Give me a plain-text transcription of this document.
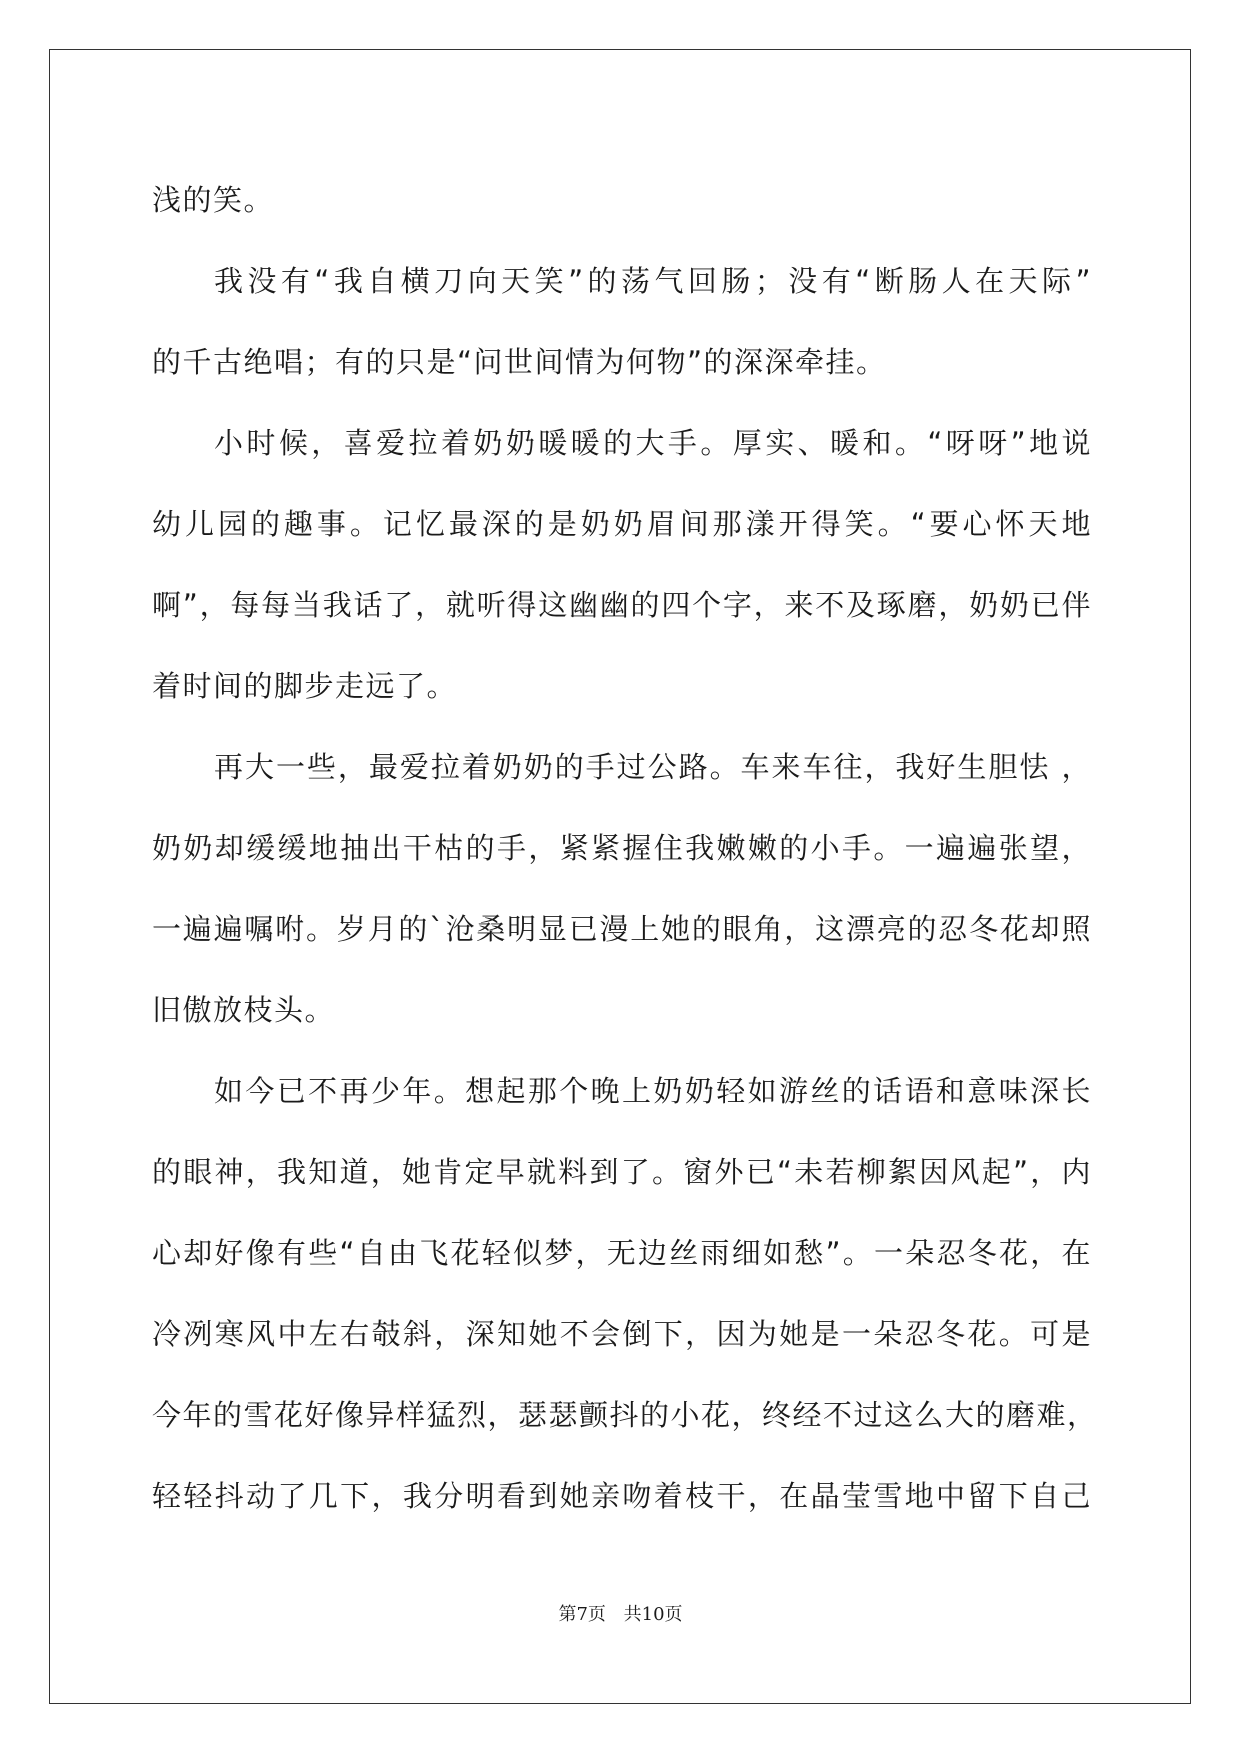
浅的笑。
我没有“我自横刀向天笑”的荡气回肠；没有“断肠人在天际”
的千古绝唱；有的只是“问世间情为何物”的深深牵挂。
小时候，喜爱拉着奶奶暖暖的大手。厚实、暖和。“呀呀”地说
幼儿园的趣事。记忆最深的是奶奶眉间那漾开得笑。“要心怀天地
啊”，每每当我话了，就听得这幽幽的四个字，来不及琢磨，奶奶已伴
着时间的脚步走远了。
再大一些，最爱拉着奶奶的手过公路。车来车往，我好生胆怯 ，
奶奶却缓缓地抽出干枯的手，紧紧握住我嫩嫩的小手。一遍遍张望，
一遍遍嘱咐。岁月的`沧桑明显已漫上她的眼角，这漂亮的忍冬花却照
旧傲放枝头。
如今已不再少年。想起那个晚上奶奶轻如游丝的话语和意味深长
的眼神，我知道，她肯定早就料到了。窗外已“未若柳絮因风起”，内
心却好像有些“自由飞花轻似梦，无边丝雨细如愁”。一朵忍冬花，在
冷冽寒风中左右攲斜，深知她不会倒下，因为她是一朵忍冬花。可是
今年的雪花好像异样猛烈，瑟瑟颤抖的小花，终经不过这么大的磨难，
轻轻抖动了几下，我分明看到她亲吻着枝干，在晶莹雪地中留下自己
第7页 共10页
